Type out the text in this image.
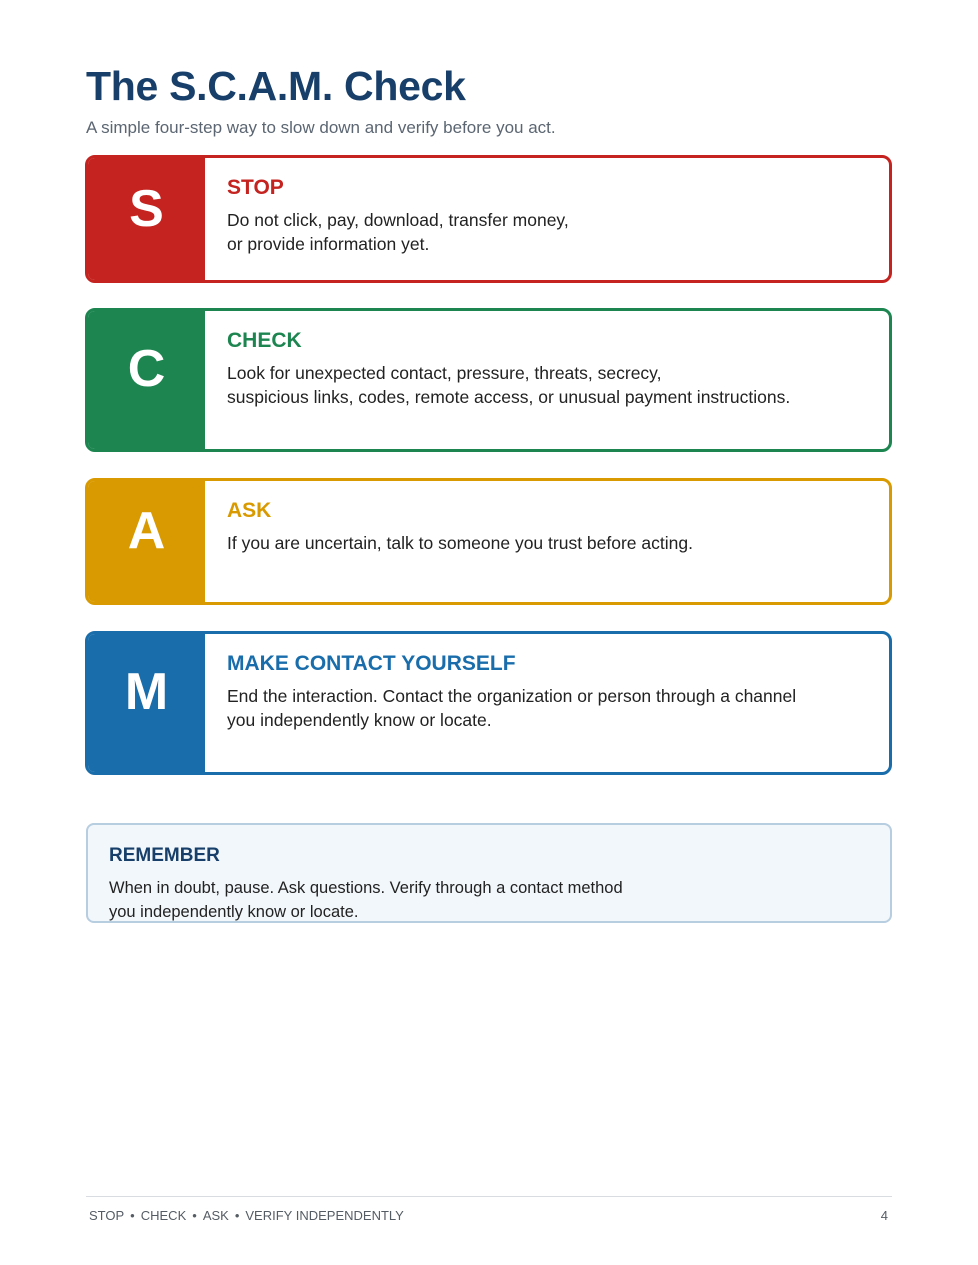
The S.C.A.M. Check

A simple four-step way to slow down and verify before you act.

S	STOP

Do not click, pay, download, transfer money,
or provide information yet.

C	CHECK

Look for unexpected contact, pressure, threats, secrecy,
suspicious links, codes, remote access, or unusual payment instructions.

A	ASK

If you are uncertain, talk to someone you trust before acting.

M	MAKE CONTACT YOURSELF

End the interaction. Contact the organization or person through a channel
you independently know or locate.

REMEMBER

When in doubt, pause. Ask questions. Verify through a contact method
you independently know or locate.

STOP • CHECK • ASK • VERIFY INDEPENDENTLY	4
